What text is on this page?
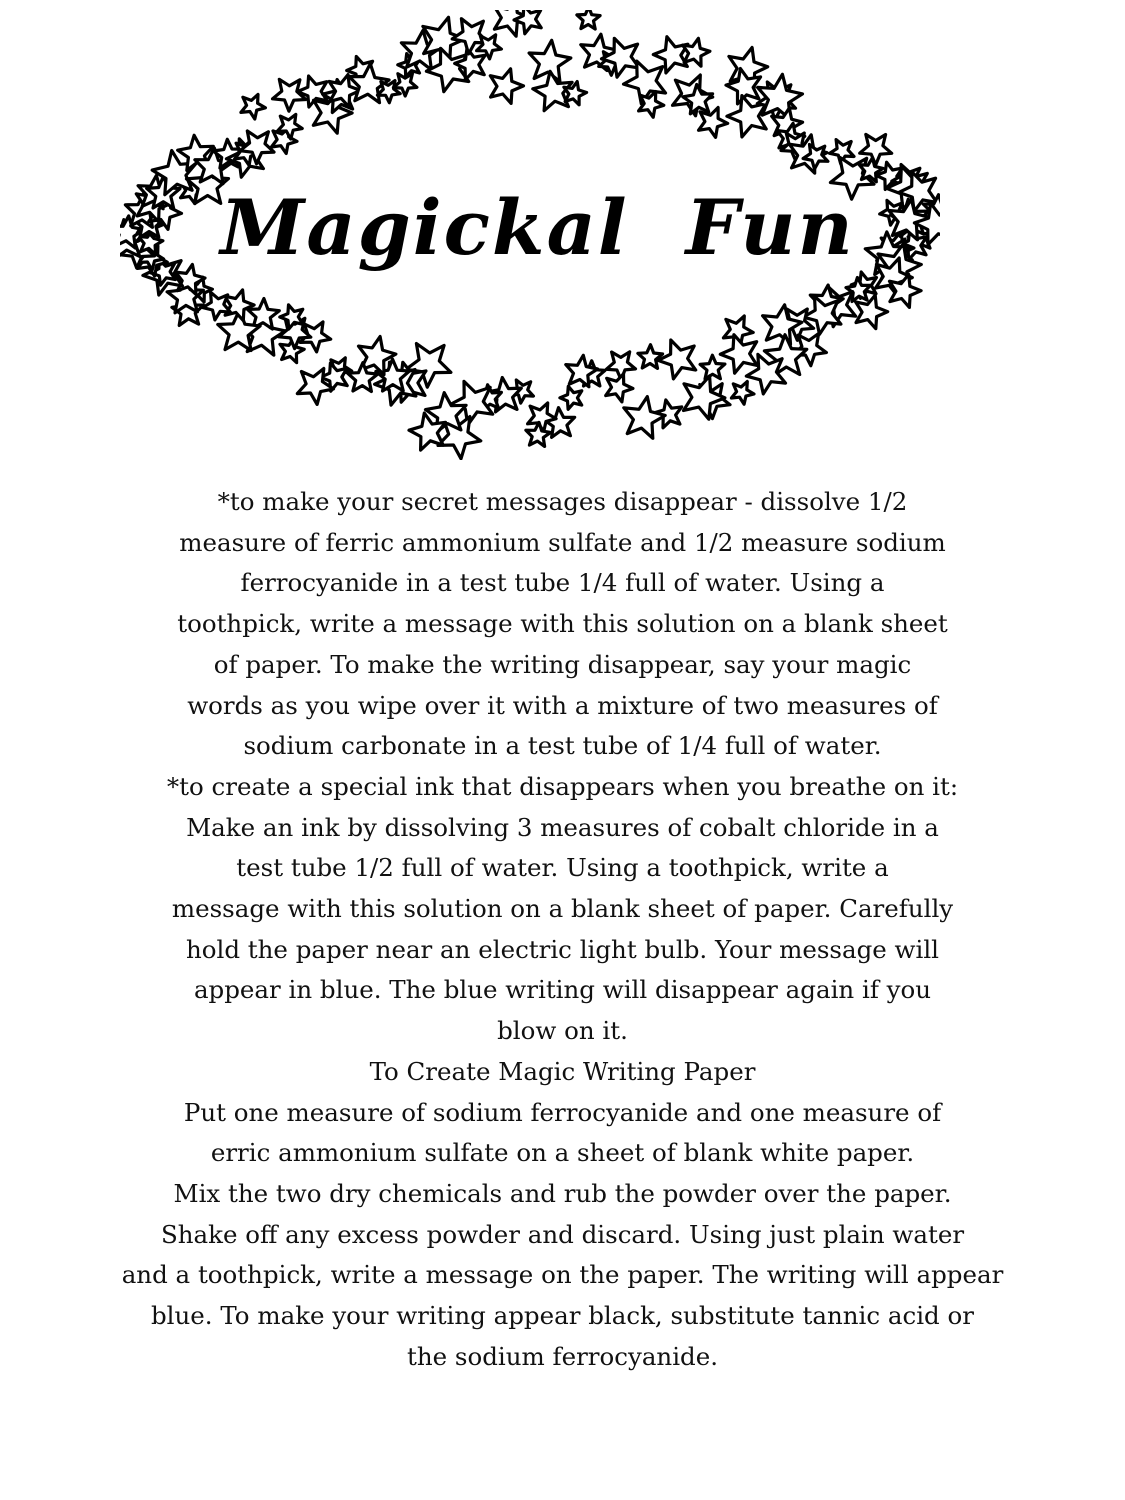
Magickal  Fun
*to make your secret messages disappear - dissolve 1/2
measure of ferric ammonium sulfate and 1/2 measure sodium
ferrocyanide in a test tube 1/4 full of water. Using a
toothpick, write a message with this solution on a blank sheet
of paper. To make the writing disappear, say your magic
words as you wipe over it with a mixture of two measures of
sodium carbonate in a test tube of 1/4 full of water.
*to create a special ink that disappears when you breathe on it:
Make an ink by dissolving 3 measures of cobalt chloride in a
test tube 1/2 full of water. Using a toothpick, write a
message with this solution on a blank sheet of paper. Carefully
hold the paper near an electric light bulb. Your message will
appear in blue. The blue writing will disappear again if you
blow on it.
To Create Magic Writing Paper
Put one measure of sodium ferrocyanide and one measure of
erric ammonium sulfate on a sheet of blank white paper.
Mix the two dry chemicals and rub the powder over the paper.
Shake off any excess powder and discard. Using just plain water
and a toothpick, write a message on the paper. The writing will appear
blue. To make your writing appear black, substitute tannic acid or
the sodium ferrocyanide.
